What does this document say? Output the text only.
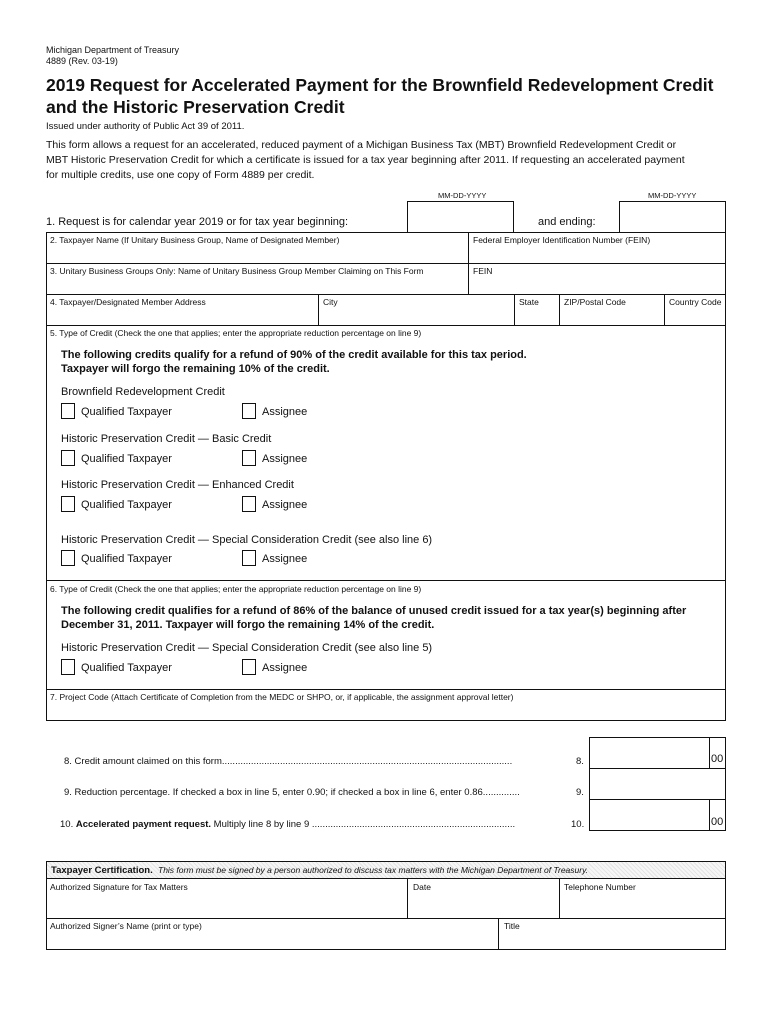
Michigan Department of Treasury
4889 (Rev. 03-19)
2019 Request for Accelerated Payment for the Brownfield Redevelopment Credit
and the Historic Preservation Credit
Issued under authority of Public Act 39 of 2011.
This form allows a request for an accelerated, reduced payment of a Michigan Business Tax (MBT) Brownfield Redevelopment Credit or
MBT Historic Preservation Credit for which a certificate is issued for a tax year beginning after 2011. If requesting an accelerated payment
for multiple credits, use one copy of Form 4889 per credit.
MM-DD-YYYY	MM-DD-YYYY
1. Request is for calendar year 2019 or for tax year beginning:	and ending:
2. Taxpayer Name (If Unitary Business Group, Name of Designated Member)	Federal Employer Identification Number (FEIN)
3. Unitary Business Groups Only: Name of Unitary Business Group Member Claiming on This Form	FEIN
4. Taxpayer/Designated Member Address	City	State	ZIP/Postal Code	Country Code
5. Type of Credit (Check the one that applies; enter the appropriate reduction percentage on line 9)
The following credits qualify for a refund of 90% of the credit available for this tax period.
Taxpayer will forgo the remaining 10% of the credit.
Brownfield Redevelopment Credit
Qualified Taxpayer	Assignee
Historic Preservation Credit — Basic Credit
Qualified Taxpayer	Assignee
Historic Preservation Credit — Enhanced Credit
Qualified Taxpayer	Assignee
Historic Preservation Credit — Special Consideration Credit (see also line 6)
Qualified Taxpayer	Assignee
6. Type of Credit (Check the one that applies; enter the appropriate reduction percentage on line 9)
The following credit qualifies for a refund of 86% of the balance of unused credit issued for a tax year(s) beginning after
December 31, 2011. Taxpayer will forgo the remaining 14% of the credit.
Historic Preservation Credit — Special Consideration Credit (see also line 5)
Qualified Taxpayer	Assignee
7. Project Code (Attach Certificate of Completion from the MEDC or SHPO, or, if applicable, the assignment approval letter)
8. Credit amount claimed on this form..............................................................................................................	8.	00
9. Reduction percentage. If checked a box in line 5, enter 0.90; if checked a box in line 6, enter 0.86..............	9.
10. Accelerated payment request. Multiply line 8 by line 9 .............................................................................	10.	00
Taxpayer Certification. This form must be signed by a person authorized to discuss tax matters with the Michigan Department of Treasury.
Authorized Signature for Tax Matters	Date	Telephone Number
Authorized Signer’s Name (print or type)	Title
